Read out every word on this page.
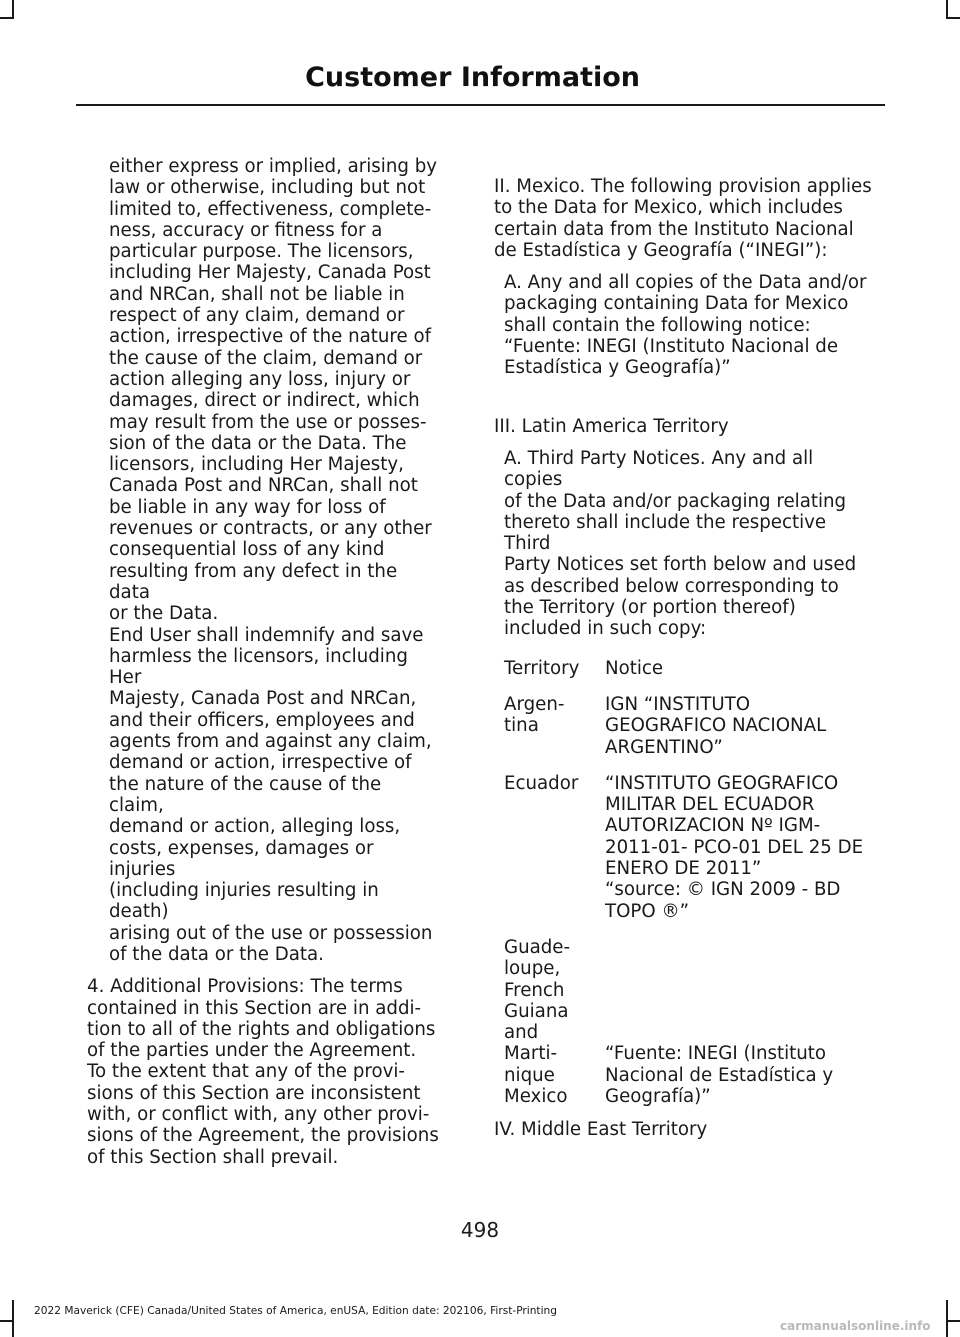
Customer Information

either express or implied, arising by
law or otherwise, including but not
limited to, effectiveness, complete-
ness, accuracy or fitness for a
particular purpose. The licensors,
including Her Majesty, Canada Post
and NRCan, shall not be liable in
respect of any claim, demand or
action, irrespective of the nature of
the cause of the claim, demand or
action alleging any loss, injury or
damages, direct or indirect, which
may result from the use or posses-
sion of the data or the Data. The
licensors, including Her Majesty,
Canada Post and NRCan, shall not
be liable in any way for loss of
revenues or contracts, or any other
consequential loss of any kind
resulting from any defect in the data
or the Data.

End User shall indemnify and save
harmless the licensors, including Her
Majesty, Canada Post and NRCan,
and their officers, employees and
agents from and against any claim,
demand or action, irrespective of
the nature of the cause of the claim,
demand or action, alleging loss,
costs, expenses, damages or injuries
(including injuries resulting in death)
arising out of the use or possession
of the data or the Data.

4. Additional Provisions: The terms
contained in this Section are in addi-
tion to all of the rights and obligations
of the parties under the Agreement.
To the extent that any of the provi-
sions of this Section are inconsistent
with, or conflict with, any other provi-
sions of the Agreement, the provisions
of this Section shall prevail.

II. Mexico. The following provision applies
to the Data for Mexico, which includes
certain data from the Instituto Nacional
de Estadística y Geografía (“INEGI”):

A. Any and all copies of the Data and/or
packaging containing Data for Mexico
shall contain the following notice:
“Fuente: INEGI (Instituto Nacional de
Estadística y Geografía)”

III. Latin America Territory

A. Third Party Notices. Any and all copies
of the Data and/or packaging relating
thereto shall include the respective Third
Party Notices set forth below and used
as described below corresponding to
the Territory (or portion thereof)
included in such copy:

Territory	Notice
Argen-
tina
IGN “INSTITUTO
GEOGRAFICO NACIONAL
ARGENTINO”
Ecuador	“INSTITUTO GEOGRAFICO
MILITAR DEL ECUADOR
AUTORIZACION Nº IGM-
2011-01- PCO-01 DEL 25 DE
ENERO DE 2011”
“source: © IGN 2009 - BD
TOPO ®”
Guade-
loupe,
French
Guiana
and
Marti-
nique
Mexico
“Fuente: INEGI (Instituto
Nacional de Estadística y
Geografía)”

IV. Middle East Territory

498
2022 Maverick (CFE) Canada/United States of America, enUSA, Edition date: 202106, First-Printing
carmanualsonline.info
